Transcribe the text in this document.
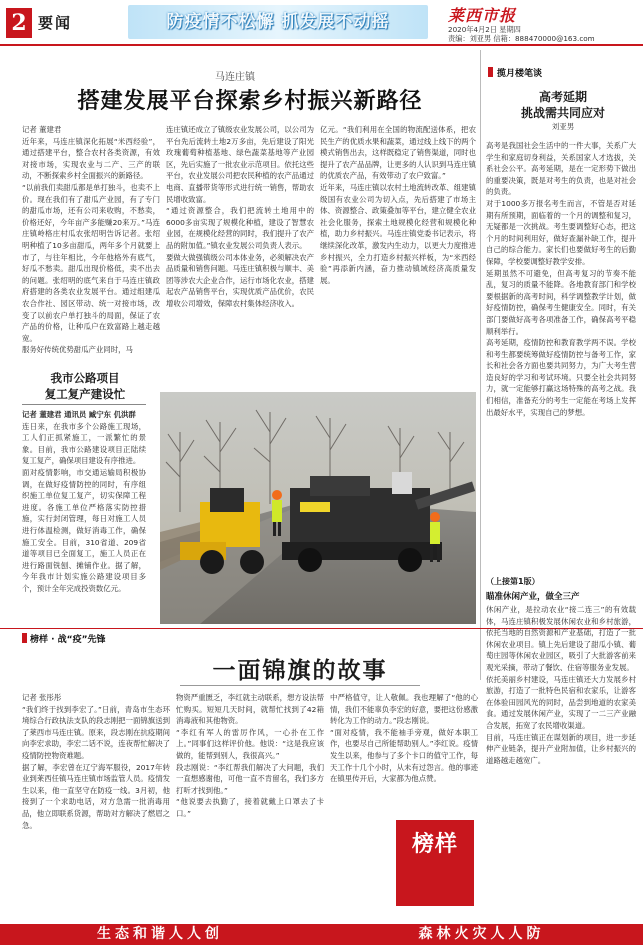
2 要闻	防疫情不松懈 抓发展不动摇	莱西市报
2020年4月2日 星期四
责编：刘亚男 信箱：888470000@163.com
马连庄镇
搭建发展平台探索乡村振兴新路径
记者 董建君
近年来，马连庄镇深化拓展“米西经验”，通过搭建平台，整合农村各类资源，有效对接市场，实现农业与二产、三产的联动，不断探索乡村全面振兴的新路径。
“以前我们卖甜瓜都是单打独斗，也卖不上价。现在我们有了甜瓜产业园，有了专门的甜瓜市场，还有公司来收购，不愁卖，价格还好，今年亩产多能赚20来万。”马连庄镇岭格庄村瓜农张绍明告诉记者。张绍明种植了10多亩甜瓜，两年多个月就要上市了，与往年相比，今年他格外有底气，好瓜不愁卖。甜瓜出现价格低，卖不出去的问题。张绍明的底气来自于马连庄镇政府搭建的各类农业发展平台。通过组建瓜农合作社、园区带动、统一对接市场，改变了以前农户单打独斗的局面，保证了农产品的价格，让种瓜户在致富路上越走越宽。
服务好传统优势甜瓜产业同时，马
连庄镇还成立了镇级农业发展公司，以公司为平台先后流转土地2万多亩，先后建设了阳光玫瑰葡萄种植基地、绿色蔬菜基地等产业园区，先后实施了一批农业示范项目。依托这些平台，农业发展公司把农民种植的农产品通过电商、直播带货等形式进行统一销售，帮助农民增收致富。
“通过资源整合，我们把流转土地用中的6000多亩实现了规模化种植，建设了智慧农业园，在规模化经营的同时，我们提升了农产品的附加值。”镇农业发展公司负责人表示。
要做大做强镇级公司本体业务，必须解决农产品质量和销售问题。马连庄镇积极与顺丰、美团等涉农大企业合作，运行市场化农业，搭建起农产品销售平台，实现优质产品优价，农民增收公司增效，保障农村集体经济收入。
亿元。“我们利用在全国的物流配送体系，把农民生产的优质水果和蔬菜，通过线上线下的两个模式销售出去，这样既稳定了销售渠道，同时也提升了农产品品牌，让更多的人认识到马连庄镇的优质农产品，有效带动了农户致富。”
近年来，马连庄镇以农村土地流转改革、组建镇级国有农业公司为切入点，先后搭建了市场主体、资源整合、政策叠加等平台，建立健全农业社会化服务，探索土地规模化经营和规模化种植，助力乡村振兴。马连庄镇党委书记表示，将继续深化改革，激发内生动力，以更大力度推进乡村振兴，全力打造乡村振兴样板，为“米西经验”再添新内涵，奋力推动镇域经济高质量发展。
揽月楼笔谈
高考延期
挑战需共同应对
刘亚男
高考是我国社会生活中的一件大事，关系广大学生和家庭切身利益，关系国家人才选拔，关系社会公平。高考延期，是在一定形势下做出的重要决策，既是对考生的负责，也是对社会的负责。
对于1000多万报名考生而言，不管是否对延期有所预期，面临着的一个月的调整和复习，无疑都是一次挑战。考生要调整好心态，把这个月的时间利用好，做好查漏补缺工作，提升自己的综合能力。家长们也要做好考生的后勤保障，学校要调整好教学安排。
延期虽然不可避免，但高考复习的节奏不能乱，复习的质量不能降。各地教育部门和学校要根据新的高考时间，科学调整教学计划，做好疫情防控，确保考生健康安全。同时，有关部门要做好高考各项准备工作，确保高考平稳顺利举行。
高考延期，疫情防控和教育教学两不误。学校和考生都要统筹做好疫情防控与备考工作，家长和社会各方面也要共同努力，为广大考生营造良好的学习和考试环境。只要全社会共同努力，就一定能够打赢这场特殊的高考之战。我们相信，准备充分的考生一定能在考场上发挥出最好水平，实现自己的梦想。
我市公路项目
复工复产建设忙
记者 董建君 通讯员 臧宁东 仉洪群
连日来，在我市多个公路施工现场，工人们正抓紧施工，一派繁忙的景象。目前，我市公路建设项目正陆续复工复产，确保项目建设有序推进。
面对疫情影响，市交通运输局积极协调，在做好疫情防控的同时，有序组织施工单位复工复产，切实保障工程进度。各施工单位严格落实防控措施，实行封闭管理，每日对施工人员进行体温检测，做好消毒工作，确保施工安全。目前，310省道、209省道等项目已全面复工，施工人员正在进行路面铣刨、摊铺作业。据了解，今年我市计划实施公路建设项目多个，预计全年完成投资数亿元。
榜样 · 战“疫”先锋
一面锦旗的故事
记者 张彤彤
“我们终于找到李宏了。”日前，青岛市生态环境综合行政执法支队的段志刚把一面锦旗送到了莱西市马连庄镇。原来，段志刚在抗疫期间向李宏求助，李宏二话不说，连夜帮忙解决了疫情防控物资难题。
据了解，李宏曾在辽宁海军服役，2017年转业到莱西任镇马连庄镇市场监管人员。疫情发生以来，他一直坚守在防疫一线。3月初，他接到了一个求助电话，对方急需一批消毒用品，他立即联系货源，帮助对方解决了燃眉之急。
物资严重匮乏，李红就主动联系，想方设法帮忙购买。短短几天时间，就帮忙找到了42箱消毒液和其他物资。
“李红有军人的雷厉作风，一心扑在工作上。”同事们这样评价他。他说：“这是我应该做的，能帮到别人，我很高兴。”
段志刚说：“李红帮我们解决了大问题，我们一直想感谢他，可他一直不肯留名，我们多方打听才找到他。”
“他说要去执勤了，接着就戴上口罩去了卡口。”
中严格值守，让人敬佩。我也理解了“他的心情，我们不能辜负李宏的好意，要把这份感激转化为工作的动力。”段志刚说。
“面对疫情，我不能袖手旁观，做好本职工作，也要尽自己所能帮助别人。”李红说。疫情发生以来，他参与了多个卡口的值守工作，每天工作十几个小时，从未有过怨言。他的事迹在镇里传开后，大家都为他点赞。
榜样
（上接第1版）
瞄准休闲产业，做全三产
休闲产业，是拉动农业“接二连三”的有效载体，马连庄镇积极发展休闲农业和乡村旅游，依托当地的自然资源和产业基础，打造了一批休闲农业项目。镇上先后建设了甜瓜小镇、葡萄庄园等休闲农业园区，吸引了大批游客前来观光采摘，带动了餐饮、住宿等服务业发展。
依托美丽乡村建设，马连庄镇还大力发展乡村旅游，打造了一批特色民宿和农家乐，让游客在体验田园风光的同时，品尝到地道的农家美食。通过发展休闲产业，实现了一二三产业融合发展，拓宽了农民增收渠道。
目前，马连庄镇正在谋划新的项目，进一步延伸产业链条，提升产业附加值，让乡村振兴的道路越走越宽广。
生态和谐人人创	森林火灾人人防
